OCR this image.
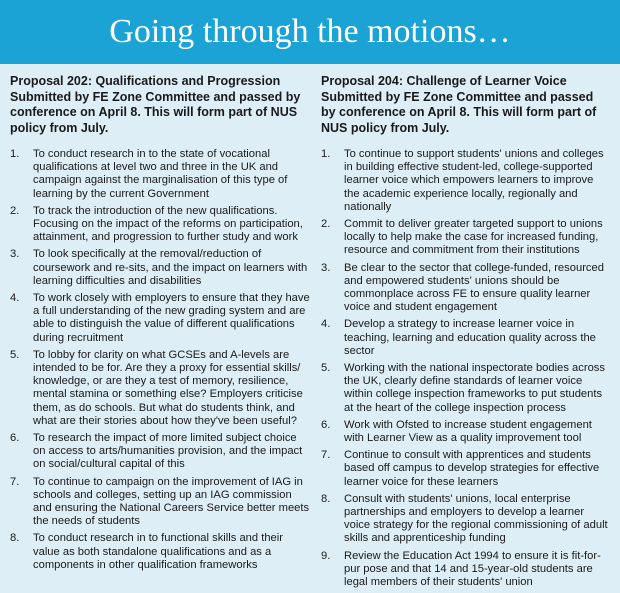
Going through the motions…
Proposal 202: Qualifications and Progression Submitted by FE Zone Committee and passed by conference on April 8. This will form part of NUS policy from July.
1.	To conduct research in to the state of vocational qualifications at level two and three in the UK and campaign against the marginalisation of this type of learning by the current Government
2.	To track the introduction of the new qualifications. Focusing on the impact of the reforms on participation, attainment, and progression to further study and work
3.	To look specifically at the removal/reduction of coursework and re-sits, and the impact on learners with learning difficulties and disabilities
4.	To work closely with employers to ensure that they have a full understanding of the new grading system and are able to distinguish the value of different qualifications during recruitment
5.	To lobby for clarity on what GCSEs and A-levels are intended to be for. Are they a proxy for essential skills/ knowledge, or are they a test of memory, resilience, mental stamina or something else? Employers criticise them, as do schools. But what do students think, and what are their stories about how they've been useful?
6.	To research the impact of more limited subject choice on access to arts/humanities provision, and the impact on social/cultural capital of this
7.	To continue to campaign on the improvement of IAG in schools and colleges, setting up an IAG commission and ensuring the National Careers Service better meets the needs of students
8.	To conduct research in to functional skills and their value as both standalone qualifications and as a components in other qualification frameworks
Proposal 204: Challenge of Learner Voice Submitted by FE Zone Committee and passed by conference on April 8. This will form part of NUS policy from July.
1.	To continue to support students' unions and colleges in building effective student-led, college-supported learner voice which empowers learners to improve the academic experience locally, regionally and nationally
2.	Commit to deliver greater targeted support to unions locally to help make the case for increased funding, resource and commitment from their institutions
3.	Be clear to the sector that college-funded, resourced and empowered students' unions should be commonplace across FE to ensure quality learner voice and student engagement
4.	Develop a strategy to increase learner voice in teaching, learning and education quality across the sector
5.	Working with the national inspectorate bodies across the UK, clearly define standards of learner voice within college inspection frameworks to put students at the heart of the college inspection process
6.	Work with Ofsted to increase student engagement with Learner View as a quality improvement tool
7.	Continue to consult with apprentices and students based off campus to develop strategies for effective learner voice for these learners
8.	Consult with students' unions, local enterprise partnerships and employers to develop a learner voice strategy for the regional commissioning of adult skills and apprenticeship funding
9.	Review the Education Act 1994 to ensure it is fit-for-pur pose and that 14 and 15-year-old students are legal members of their students' union
